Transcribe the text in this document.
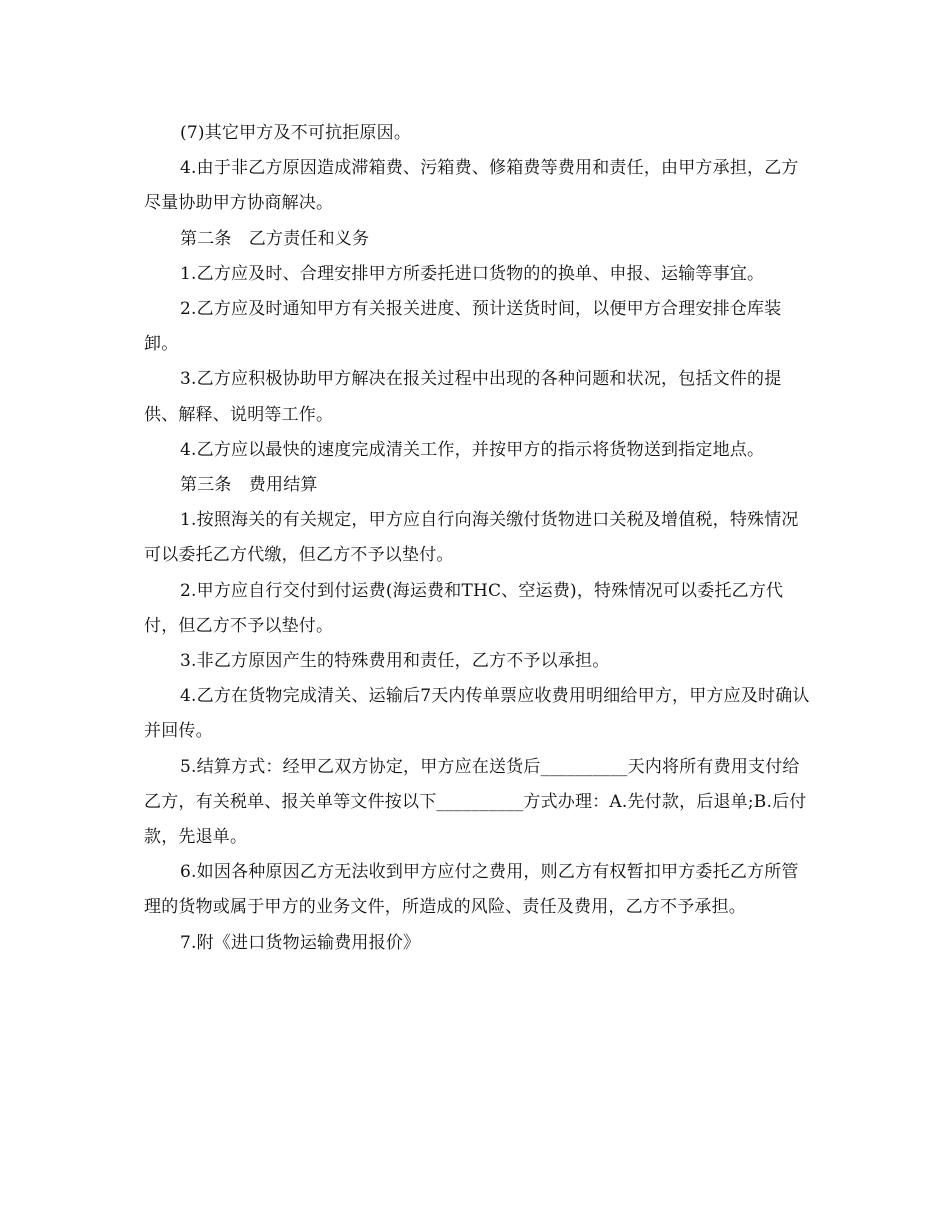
(7)其它甲方及不可抗拒原因。

4.由于非乙方原因造成滞箱费、污箱费、修箱费等费用和责任，由甲方承担，乙方尽量协助甲方协商解决。

第二条　乙方责任和义务

1.乙方应及时、合理安排甲方所委托进口货物的的换单、申报、运输等事宜。

2.乙方应及时通知甲方有关报关进度、预计送货时间，以便甲方合理安排仓库装卸。

3.乙方应积极协助甲方解决在报关过程中出现的各种问题和状况，包括文件的提供、解释、说明等工作。

4.乙方应以最快的速度完成清关工作，并按甲方的指示将货物送到指定地点。

第三条　费用结算

1.按照海关的有关规定，甲方应自行向海关缴付货物进口关税及增值税，特殊情况可以委托乙方代缴，但乙方不予以垫付。

2.甲方应自行交付到付运费(海运费和THC、空运费)，特殊情况可以委托乙方代付，但乙方不予以垫付。

3.非乙方原因产生的特殊费用和责任，乙方不予以承担。

4.乙方在货物完成清关、运输后7天内传单票应收费用明细给甲方，甲方应及时确认并回传。

5.结算方式：经甲乙双方协定，甲方应在送货后__________天内将所有费用支付给乙方，有关税单、报关单等文件按以下__________方式办理：A.先付款，后退单;B.后付款，先退单。

6.如因各种原因乙方无法收到甲方应付之费用，则乙方有权暂扣甲方委托乙方所管理的货物或属于甲方的业务文件，所造成的风险、责任及费用，乙方不予承担。

7.附《进口货物运输费用报价》
